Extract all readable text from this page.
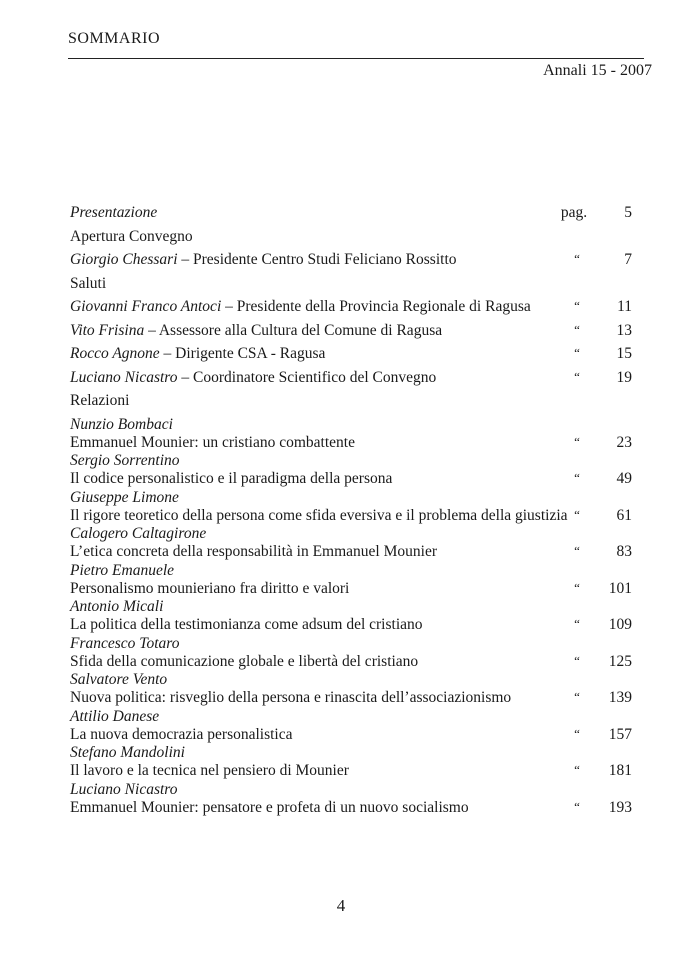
SOMMARIO
Annali 15 - 2007
Presentazione	pag.	5
Apertura Convegno
Giorgio Chessari – Presidente Centro Studi Feliciano Rossitto	“	7
Saluti
Giovanni Franco Antoci – Presidente della Provincia Regionale di Ragusa	“	11
Vito Frisina – Assessore alla Cultura del Comune di Ragusa	“	13
Rocco Agnone – Dirigente CSA - Ragusa	“	15
Luciano Nicastro – Coordinatore Scientifico del Convegno	“	19
Relazioni
Nunzio Bombaci
Emmanuel Mounier: un cristiano combattente	“	23
Sergio Sorrentino
Il codice personalistico e il paradigma della persona	“	49
Giuseppe Limone
Il rigore teoretico della persona come sfida eversiva e il problema della giustizia “	61
Calogero Caltagirone
L’etica concreta della responsabilità in Emmanuel Mounier	“	83
Pietro Emanuele
Personalismo mounieriano fra diritto e valori	“	101
Antonio Micali
La politica della testimonianza come adsum del cristiano	“	109
Francesco Totaro
Sfida della comunicazione globale e libertà del cristiano	“	125
Salvatore Vento
Nuova politica: risveglio della persona e rinascita dell’associazionismo	“	139
Attilio Danese
La nuova democrazia personalistica	“	157
Stefano Mandolini
Il lavoro e la tecnica nel pensiero di Mounier	“	181
Luciano Nicastro
Emmanuel Mounier: pensatore e profeta di un nuovo socialismo	“	193
4
